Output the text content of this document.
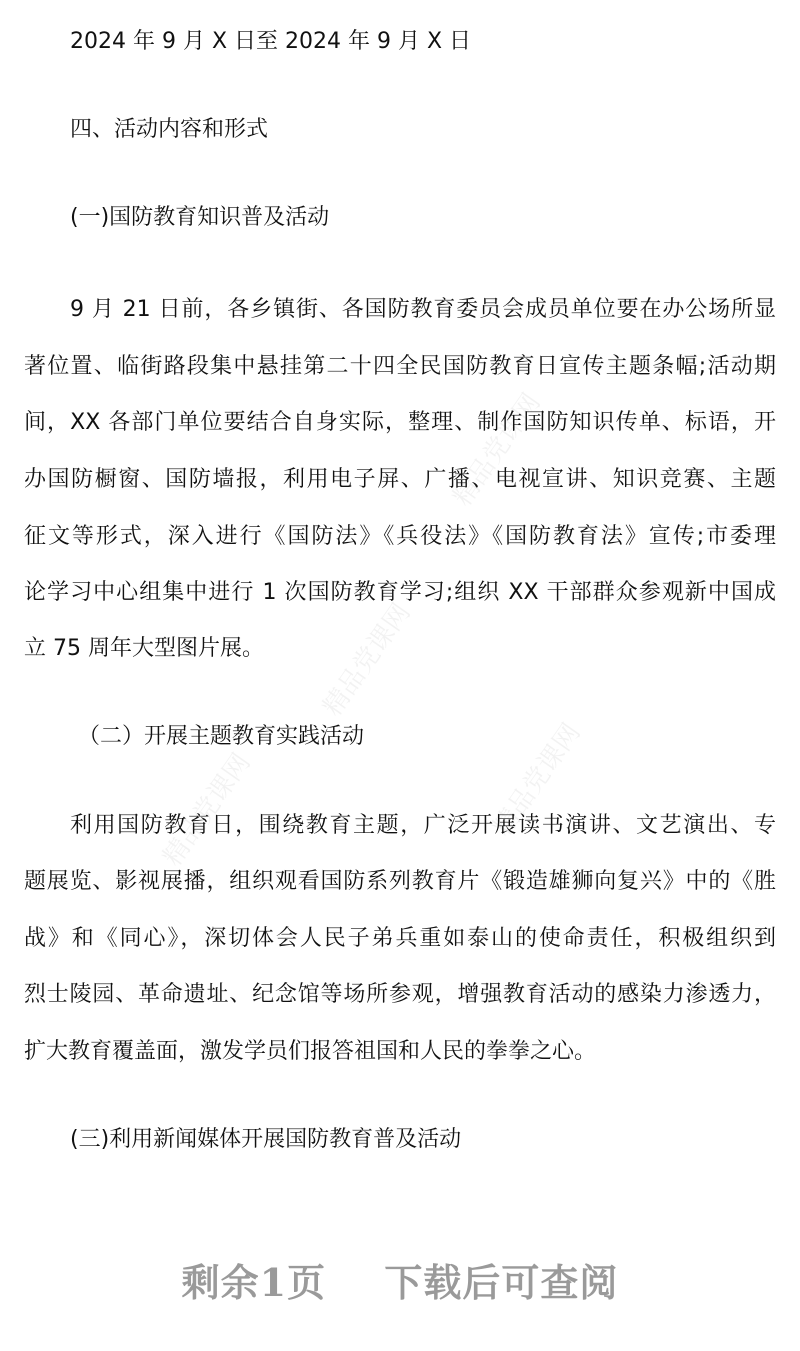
精品党课网
精品党课网
精品党课网	精品党课网
2024 年 9 月 X 日至 2024 年 9 月 X 日
四、活动内容和形式
(一)国防教育知识普及活动
9 月 21 日前，各乡镇街、各国防教育委员会成员单位要在办公场所显
著位置、临街路段集中悬挂第二十四全民国防教育日宣传主题条幅;活动期
间，XX 各部门单位要结合自身实际，整理、制作国防知识传单、标语，开
办国防橱窗、国防墙报，利用电子屏、广播、电视宣讲、知识竞赛、主题
征文等形式，深入进行《国防法》《兵役法》《国防教育法》宣传;市委理
论学习中心组集中进行 1 次国防教育学习;组织 XX 干部群众参观新中国成
立 75 周年大型图片展。
（二）开展主题教育实践活动
利用国防教育日，围绕教育主题，广泛开展读书演讲、文艺演出、专
题展览、影视展播，组织观看国防系列教育片《锻造雄狮向复兴》中的《胜
战》和《同心》，深切体会人民子弟兵重如泰山的使命责任，积极组织到
烈士陵园、革命遗址、纪念馆等场所参观，增强教育活动的感染力渗透力，
扩大教育覆盖面，激发学员们报答祖国和人民的拳拳之心。
(三)利用新闻媒体开展国防教育普及活动
剩余1页 下载后可查阅
